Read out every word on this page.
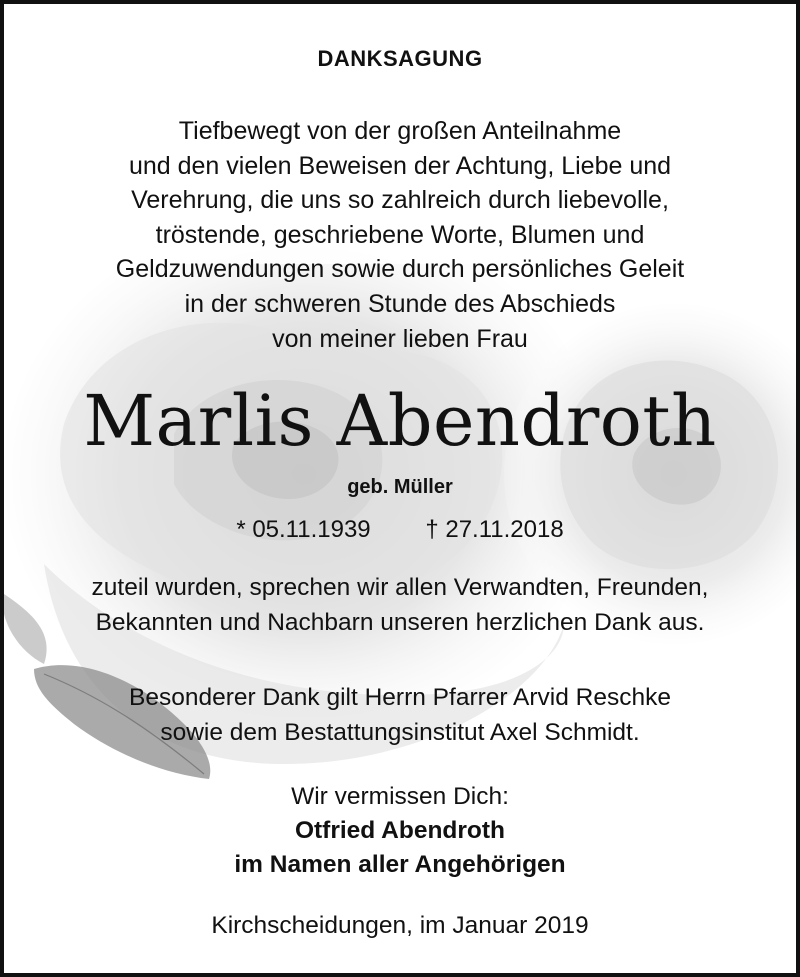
DANKSAGUNG
Tiefbewegt von der großen Anteilnahme
und den vielen Beweisen der Achtung, Liebe und
Verehrung, die uns so zahlreich durch liebevolle,
tröstende, geschriebene Worte, Blumen und
Geldzuwendungen sowie durch persönliches Geleit
in der schweren Stunde des Abschieds
von meiner lieben Frau
Marlis Abendroth
geb. Müller
* 05.11.1939 † 27.11.2018
zuteil wurden, sprechen wir allen Verwandten, Freunden,
Bekannten und Nachbarn unseren herzlichen Dank aus.
Besonderer Dank gilt Herrn Pfarrer Arvid Reschke
sowie dem Bestattungsinstitut Axel Schmidt.
Wir vermissen Dich:
Otfried Abendroth
im Namen aller Angehörigen
Kirchscheidungen, im Januar 2019
